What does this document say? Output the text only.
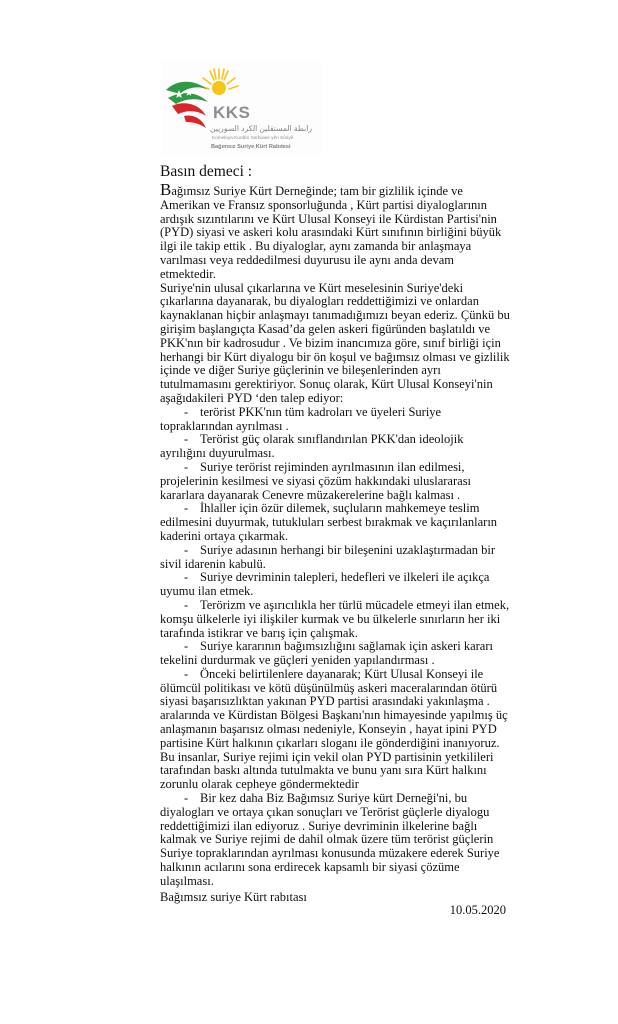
KKS
رابطة المستقلين الكرد السوريين
Komeleya Kurdên Serbixwe yên Sûriyê
Bağımsız Suriye Kürt Rabıtesi
Basın demeci :

Bağımsız Suriye Kürt Derneğinde; tam bir gizlilik içinde ve Amerikan ve Fransız sponsorluğunda , Kürt partisi diyaloglarının ardışık sızıntılarını ve Kürt Ulusal Konseyi ile Kürdistan Partisi'nin (PYD) siyasi ve askeri kolu arasındaki Kürt sınıfının birliğini büyük ilgi ile takip ettik . Bu diyaloglar, aynı zamanda bir anlaşmaya varılması veya reddedilmesi duyurusu ile aynı anda devam etmektedir.

Suriye'nin ulusal çıkarlarına ve Kürt meselesinin Suriye'deki çıkarlarına dayanarak, bu diyalogları reddettiğimizi ve onlardan kaynaklanan hiçbir anlaşmayı tanımadığımızı beyan ederiz. Çünkü bu girişim başlangıçta Kasad’da gelen askeri figüründen başlatıldı ve PKK'nın bir kadrosudur . Ve bizim inancımıza göre, sınıf birliği için herhangi bir Kürt diyalogu bir ön koşul ve bağımsız olması ve gizlilik içinde ve diğer Suriye güçlerinin ve bileşenlerinden ayrı tutulmamasını gerektiriyor. Sonuç olarak, Kürt Ulusal Konseyi'nin aşağıdakileri PYD ‘den talep ediyor:

- terörist PKK'nın tüm kadroları ve üyeleri Suriye topraklarından ayrılması .

- Terörist güç olarak sınıflandırılan PKK'dan ideolojik ayrılığını duyurulması.

- Suriye terörist rejiminden ayrılmasının ilan edilmesi, projelerinin kesilmesi ve siyasi çözüm hakkındaki uluslararası kararlara dayanarak Cenevre müzakerelerine bağlı kalması .

- İhlaller için özür dilemek, suçluların mahkemeye teslim edilmesini duyurmak, tutukluları serbest bırakmak ve kaçırılanların kaderini ortaya çıkarmak.

- Suriye adasının herhangi bir bileşenini uzaklaştırmadan bir sivil idarenin kabulü.

- Suriye devriminin talepleri, hedefleri ve ilkeleri ile açıkça uyumu ilan etmek.

- Terörizm ve aşırıcılıkla her türlü mücadele etmeyi ilan etmek, komşu ülkelerle iyi ilişkiler kurmak ve bu ülkelerle sınırların her iki tarafında istikrar ve barış için çalışmak.

- Suriye kararının bağımsızlığını sağlamak için askeri kararı tekelini durdurmak ve güçleri yeniden yapılandırması .

- Önceki belirtilenlere dayanarak; Kürt Ulusal Konseyi ile ölümcül politikası ve kötü düşünülmüş askeri maceralarından ötürü siyasi başarısızlıktan yakınan PYD partisi arasındaki yakınlaşma . aralarında ve Kürdistan Bölgesi Başkanı'nın himayesinde yapılmış üç anlaşmanın başarısız olması nedeniyle, Konseyin , hayat ipini PYD partisine Kürt halkının çıkarları sloganı ile gönderdiğini inanıyoruz. Bu insanlar, Suriye rejimi için vekil olan PYD partisinin yetkilileri tarafından baskı altında tutulmakta ve bunu yanı sıra Kürt halkını zorunlu olarak cepheye göndermektedir

- Bir kez daha Biz Bağımsız Suriye kürt Derneği'ni, bu diyalogları ve ortaya çıkan sonuçları ve Terörist güçlerle diyalogu reddettiğimizi ilan ediyoruz . Suriye devriminin ilkelerine bağlı kalmak ve Suriye rejimi de dahil olmak üzere tüm terörist güçlerin Suriye topraklarından ayrılması konusunda müzakere ederek Suriye halkının acılarını sona erdirecek kapsamlı bir siyasi çözüme ulaşılması.

Bağımsız suriye Kürt rabıtası
10.05.2020
